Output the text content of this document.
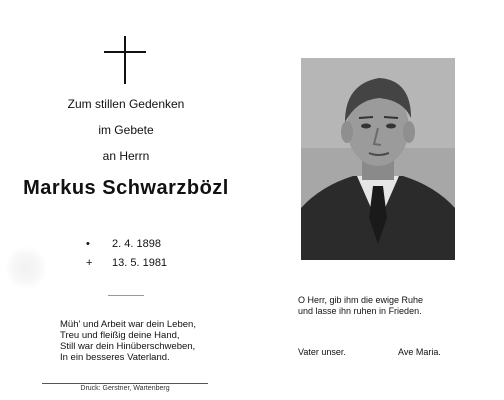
Zum stillen Gedenken
im Gebete
an Herrn
Markus Schwarzbözl
• 2. 4. 1898
+ 13. 5. 1981
Müh' und Arbeit war dein Leben,
Treu und fleißig deine Hand,
Still war dein Hinüberschweben,
In ein besseres Vaterland.
Druck: Gerstner, Wartenberg
O Herr, gib ihm die ewige Ruhe
und lasse ihn ruhen in Frieden.
Vater unser.	Ave Maria.
